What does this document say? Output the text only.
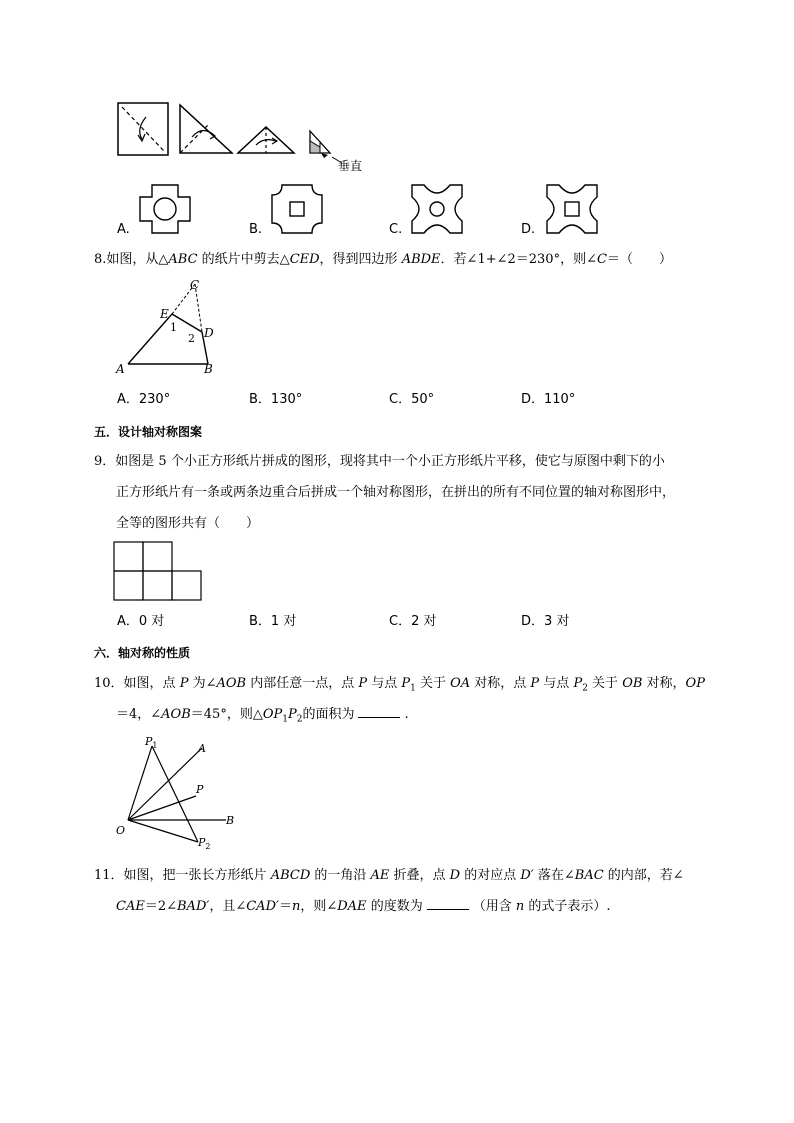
垂直
A.	B.	C.	D.
8.如图，从△ABC 的纸片中剪去△CED，得到四边形 ABDE．若∠1+∠2＝230°，则∠C＝（　　）
C
E
D
A	B
1
2
A．230°	B．130°	C．50°	D．110°
五．设计轴对称图案
9．如图是 5 个小正方形纸片拼成的图形，现将其中一个小正方形纸片平移，使它与原图中剩下的小
正方形纸片有一条或两条边重合后拼成一个轴对称图形，在拼出的所有不同位置的轴对称图形中，
全等的图形共有（　　）
A．0 对	B．1 对	C．2 对	D．3 对
六．轴对称的性质
10．如图，点 P 为∠AOB 内部任意一点，点 P 与点 $P_1$ 关于 OA 对称，点 P 与点 $P_2$ 关于 OB 对称，OP
＝4，∠AOB＝45°，则$\triangle OP_1P_2$的面积为	.
$P_1$	A
P
B
O
$P_2$
11．如图，把一张长方形纸片 ABCD 的一角沿 AE 折叠，点 D 的对应点 D′ 落在∠BAC 的内部，若∠
CAE＝2∠BAD′，且∠CAD′＝n，则∠DAE 的度数为	（用含 n 的式子表示）.
